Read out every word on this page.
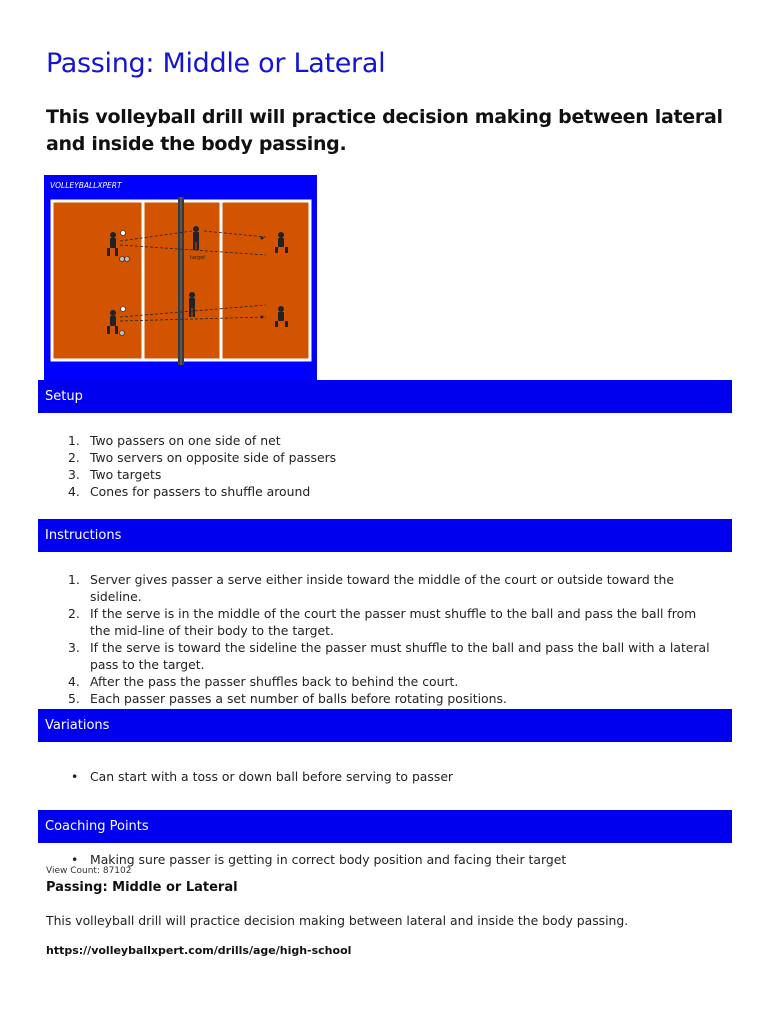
Passing: Middle or Lateral
This volleyball drill will practice decision making between lateral and inside the body passing.
VOLLEYBALLXPERT
target
Setup
1. Two passers on one side of net
2. Two servers on opposite side of passers
3. Two targets
4. Cones for passers to shuffle around
Instructions
1. Server gives passer a serve either inside toward the middle of the court or outside toward the sideline.
2. If the serve is in the middle of the court the passer must shuffle to the ball and pass the ball from the mid-line of their body to the target.
3. If the serve is toward the sideline the passer must shuffle to the ball and pass the ball with a lateral pass to the target.
4. After the pass the passer shuffles back to behind the court.
5. Each passer passes a set number of balls before rotating positions.
Variations
• Can start with a toss or down ball before serving to passer
Coaching Points
• Making sure passer is getting in correct body position and facing their target
View Count: 87102
Passing: Middle or Lateral

This volleyball drill will practice decision making between lateral and inside the body passing.

https://volleyballxpert.com/drills/age/high-school
